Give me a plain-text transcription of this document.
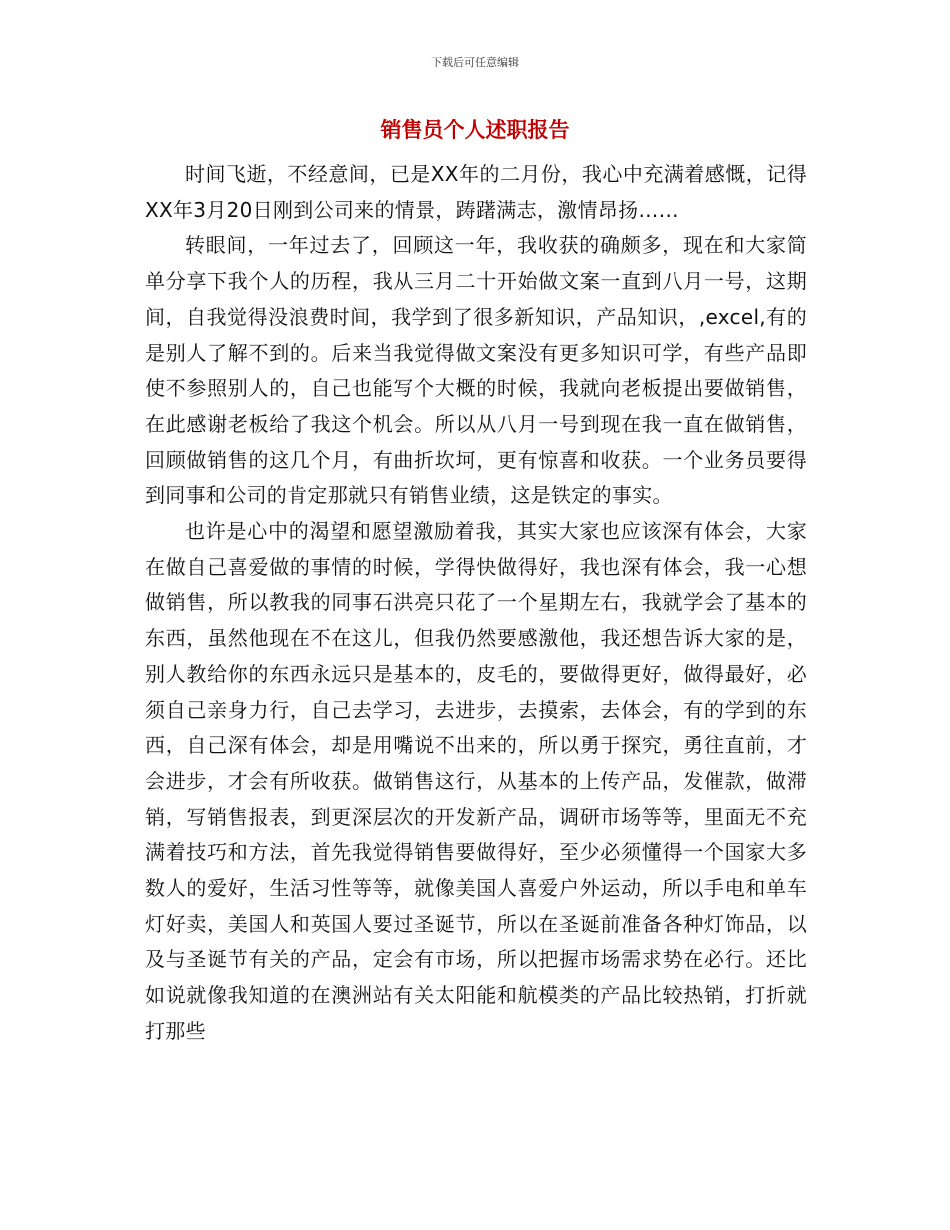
下载后可任意编辑
销售员个人述职报告

时间飞逝，不经意间，已是XX年的二月份，我心中充满着感慨，记得XX年3月20日刚到公司来的情景，踌躇满志，激情昂扬……

转眼间，一年过去了，回顾这一年，我收获的确颇多，现在和大家简单分享下我个人的历程，我从三月二十开始做文案一直到八月一号，这期间，自我觉得没浪费时间，我学到了很多新知识，产品知识，,excel,有的是别人了解不到的。后来当我觉得做文案没有更多知识可学，有些产品即使不参照别人的，自己也能写个大概的时候，我就向老板提出要做销售，在此感谢老板给了我这个机会。所以从八月一号到现在我一直在做销售，回顾做销售的这几个月，有曲折坎坷，更有惊喜和收获。一个业务员要得到同事和公司的肯定那就只有销售业绩，这是铁定的事实。

也许是心中的渴望和愿望激励着我，其实大家也应该深有体会，大家在做自己喜爱做的事情的时候，学得快做得好，我也深有体会，我一心想做销售，所以教我的同事石洪亮只花了一个星期左右，我就学会了基本的东西，虽然他现在不在这儿，但我仍然要感激他，我还想告诉大家的是，别人教给你的东西永远只是基本的，皮毛的，要做得更好，做得最好，必须自己亲身力行，自己去学习，去进步，去摸索，去体会，有的学到的东西，自己深有体会，却是用嘴说不出来的，所以勇于探究，勇往直前，才会进步，才会有所收获。做销售这行，从基本的上传产品，发催款，做滞销，写销售报表，到更深层次的开发新产品，调研市场等等，里面无不充满着技巧和方法，首先我觉得销售要做得好，至少必须懂得一个国家大多数人的爱好，生活习性等等，就像美国人喜爱户外运动，所以手电和单车灯好卖，美国人和英国人要过圣诞节，所以在圣诞前准备各种灯饰品，以及与圣诞节有关的产品，定会有市场，所以把握市场需求势在必行。还比如说就像我知道的在澳洲站有关太阳能和航模类的产品比较热销，打折就打那些
